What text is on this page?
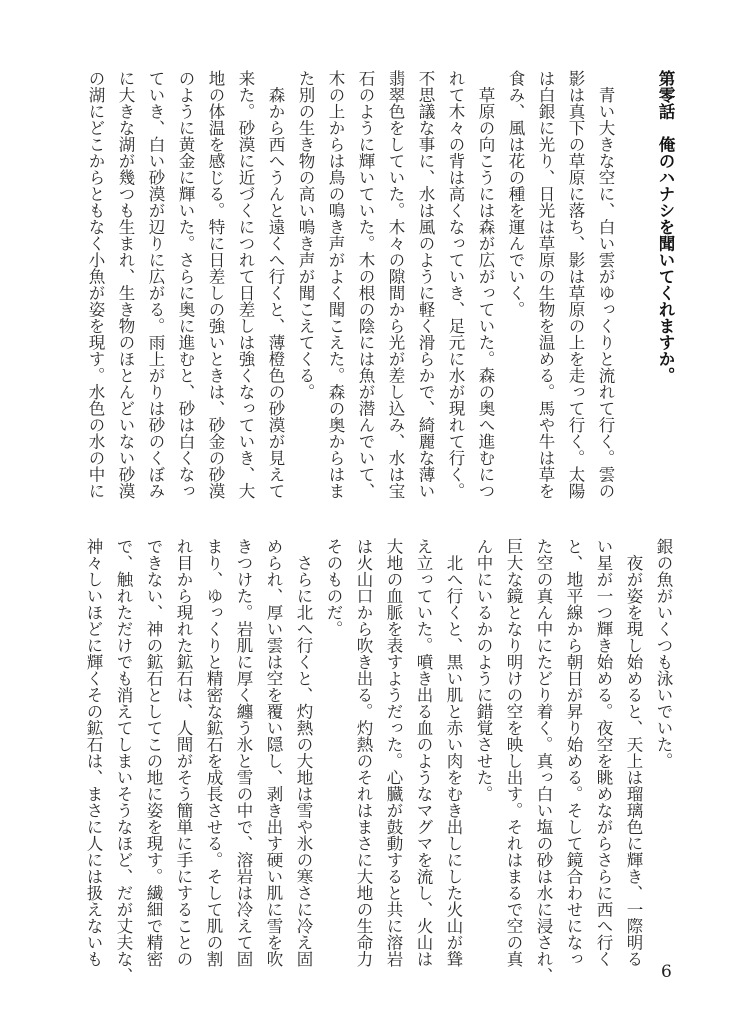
第零話　俺のハナシを聞いてくれますか。
　青い大きな空に、白い雲がゆっくりと流れて行く。雲の
影は真下の草原に落ち、影は草原の上を走って行く。太陽
は白銀に光り、日光は草原の生物を温める。馬や牛は草を
食み、風は花の種を運んでいく。
　草原の向こうには森が広がっていた。森の奥へ進むにつ
れて木々の背は高くなっていき、足元に水が現れて行く。
不思議な事に、水は風のように軽く滑らかで、綺麗な薄い
翡翠色をしていた。木々の隙間から光が差し込み、水は宝
石のように輝いていた。木の根の陰には魚が潜んでいて、
木の上からは鳥の鳴き声がよく聞こえた。森の奥からはま
た別の生き物の高い鳴き声が聞こえてくる。
　森から西へうんと遠くへ行くと、薄橙色の砂漠が見えて
来た。砂漠に近づくにつれて日差しは強くなっていき、大
地の体温を感じる。特に日差しの強いときは、砂金の砂漠
のように黄金に輝いた。さらに奥に進むと、砂は白くなっ
ていき、白い砂漠が辺りに広がる。雨上がりは砂のくぼみ
に大きな湖が幾つも生まれ、生き物のほとんどいない砂漠
の湖にどこからともなく小魚が姿を現す。水色の水の中に
銀の魚がいくつも泳いでいた。
　夜が姿を現し始めると、天上は瑠璃色に輝き、一際明る
い星が一つ輝き始める。夜空を眺めながらさらに西へ行く
と、地平線から朝日が昇り始める。そして鏡合わせになっ
た空の真ん中にたどり着く。真っ白い塩の砂は水に浸され、
巨大な鏡となり明けの空を映し出す。それはまるで空の真
ん中にいるかのように錯覚させた。
　北へ行くと、黒い肌と赤い肉をむき出しにした火山が聳
え立っていた。噴き出る血のようなマグマを流し、火山は
大地の血脈を表すようだった。心臓が鼓動すると共に溶岩
は火山口から吹き出る。灼熱のそれはまさに大地の生命力
そのものだ。
　さらに北へ行くと、灼熱の大地は雪や氷の寒さに冷え固
められ、厚い雲は空を覆い隠し、剥き出す硬い肌に雪を吹
きつけた。岩肌に厚く纏う氷と雪の中で、溶岩は冷えて固
まり、ゆっくりと精密な鉱石を成長させる。そして肌の割
れ目から現れた鉱石は、人間がそう簡単に手にすることの
できない、神の鉱石としてこの地に姿を現す。繊細で精密
で、触れただけでも消えてしまいそうなほど、だが丈夫な、
神々しいほどに輝くその鉱石は、まさに人には扱えないも
6
